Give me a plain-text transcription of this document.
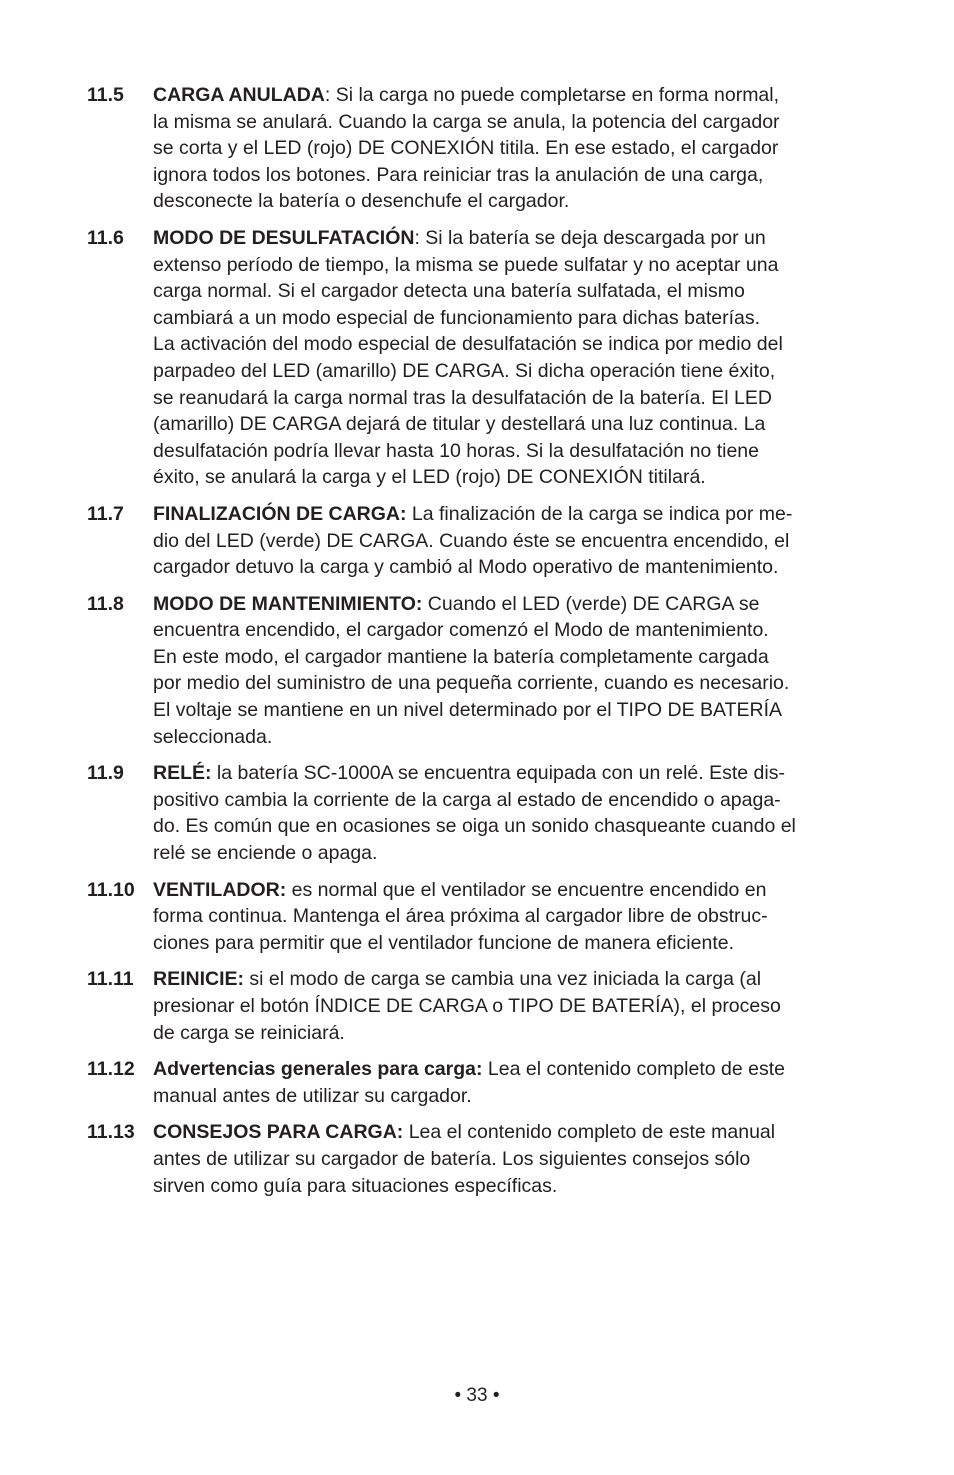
11.5	CARGA ANULADA: Si la carga no puede completarse en forma normal,
la misma se anulará. Cuando la carga se anula, la potencia del cargador
se corta y el LED (rojo) DE CONEXIÓN titila. En ese estado, el cargador
ignora todos los botones. Para reiniciar tras la anulación de una carga,
desconecte la batería o desenchufe el cargador.
11.6	MODO DE DESULFATACIÓN: Si la batería se deja descargada por un
extenso período de tiempo, la misma se puede sulfatar y no aceptar una
carga normal. Si el cargador detecta una batería sulfatada, el mismo
cambiará a un modo especial de funcionamiento para dichas baterías.
La activación del modo especial de desulfatación se indica por medio del
parpadeo del LED (amarillo) DE CARGA. Si dicha operación tiene éxito,
se reanudará la carga normal tras la desulfatación de la batería. El LED
(amarillo) DE CARGA dejará de titular y destellará una luz continua. La
desulfatación podría llevar hasta 10 horas. Si la desulfatación no tiene
éxito, se anulará la carga y el LED (rojo) DE CONEXIÓN titilará.
11.7	FINALIZACIÓN DE CARGA: La finalización de la carga se indica por me-
dio del LED (verde) DE CARGA. Cuando éste se encuentra encendido, el
cargador detuvo la carga y cambió al Modo operativo de mantenimiento.
11.8	MODO DE MANTENIMIENTO: Cuando el LED (verde) DE CARGA se
encuentra encendido, el cargador comenzó el Modo de mantenimiento.
En este modo, el cargador mantiene la batería completamente cargada
por medio del suministro de una pequeña corriente, cuando es necesario.
El voltaje se mantiene en un nivel determinado por el TIPO DE BATERÍA
seleccionada.
11.9	RELÉ: la batería SC-1000A se encuentra equipada con un relé. Este dis-
positivo cambia la corriente de la carga al estado de encendido o apaga-
do. Es común que en ocasiones se oiga un sonido chasqueante cuando el
relé se enciende o apaga.
11.10 VENTILADOR: es normal que el ventilador se encuentre encendido en
forma continua. Mantenga el área próxima al cargador libre de obstruc-
ciones para permitir que el ventilador funcione de manera eficiente.
11.11 REINICIE: si el modo de carga se cambia una vez iniciada la carga (al
presionar el botón ÍNDICE DE CARGA o TIPO DE BATERÍA), el proceso
de carga se reiniciará.
11.12 Advertencias generales para carga: Lea el contenido completo de este
manual antes de utilizar su cargador.
11.13 CONSEJOS PARA CARGA: Lea el contenido completo de este manual
antes de utilizar su cargador de batería. Los siguientes consejos sólo
sirven como guía para situaciones específicas.
• 33 •
